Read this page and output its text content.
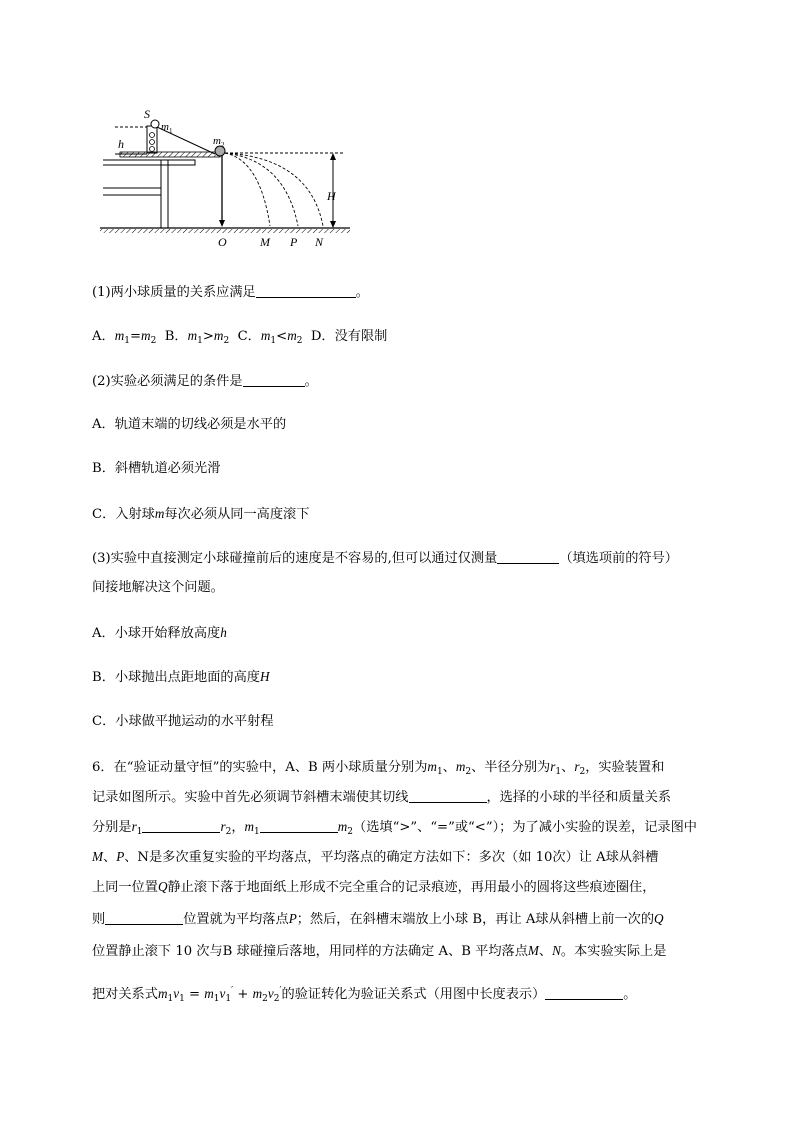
S
$m_1$
$m_2$
h
H
O	M P N
(1)两小球质量的关系应满足	。
A．$m_1=m_2$ B．$m_1>m_2$ C．$m_1<m_2$ D．没有限制
(2)实验必须满足的条件是	。
A．轨道末端的切线必须是水平的
B．斜槽轨道必须光滑
C．入射球m每次必须从同一高度滚下
(3)实验中直接测定小球碰撞前后的速度是不容易的,但可以通过仅测量	（填选项前的符号）
间接地解决这个问题。
A．小球开始释放高度h
B．小球抛出点距地面的高度H
C．小球做平抛运动的水平射程
6．在“验证动量守恒”的实验中，A、B 两小球质量分别为$m_1$、$m_2$、半径分别为$r_1$、$r_2$，实验装置和
记录如图所示。实验中首先必须调节斜槽末端使其切线	，选择的小球的半径和质量关系
分别是$r_1$	$r_2$，$m_1$	$m_2$（选填“>”、“=”或“<”）；为了减小实验的误差，记录图中
M、P、N是多次重复实验的平均落点，平均落点的确定方法如下：多次（如 10次）让 A球从斜槽
上同一位置Q静止滚下落于地面纸上形成不完全重合的记录痕迹，再用最小的圆将这些痕迹圈住，
则	位置就为平均落点P；然后，在斜槽末端放上小球 B，再让 A球从斜槽上前一次的Q
位置静止滚下 10 次与B 球碰撞后落地，用同样的方法确定 A、B 平均落点M、N。本实验实际上是
把对关系式$m_1v_1 = m_1v_1' + m_2v_2'$的验证转化为验证关系式（用图中长度表示）	。
